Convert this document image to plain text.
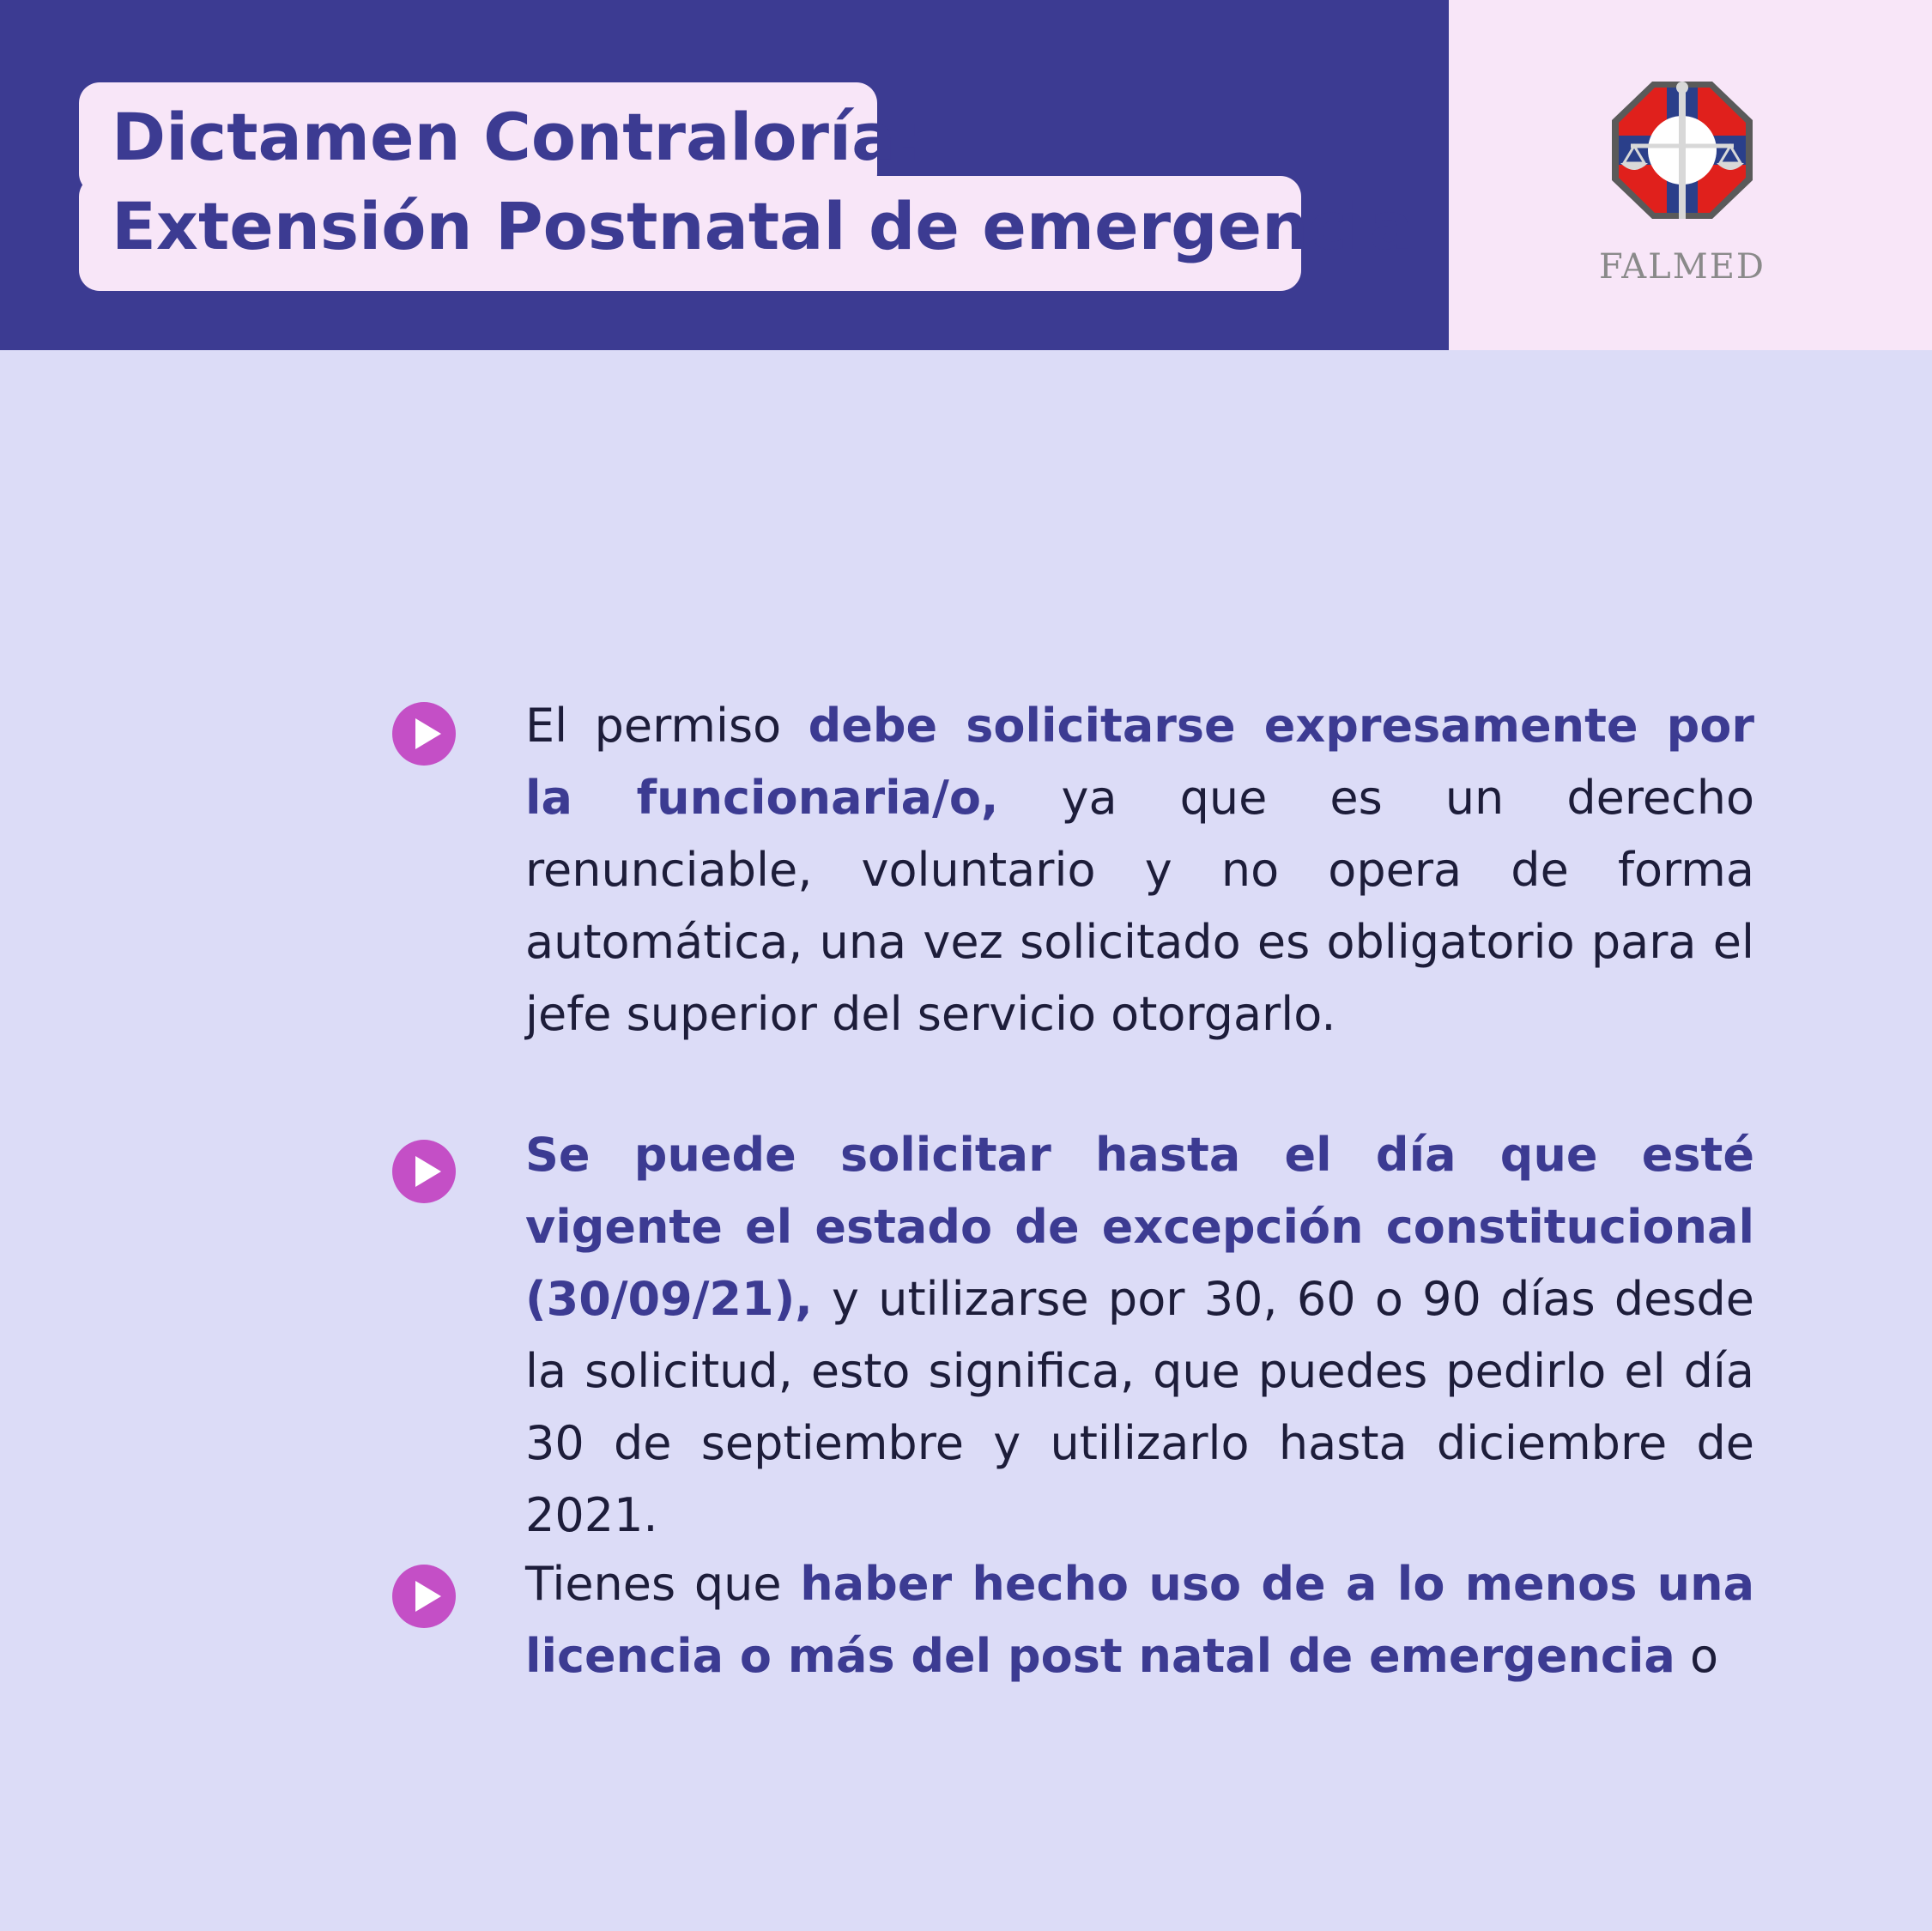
Dictamen Contraloría:
Extensión Postnatal de emergencia
FALMED

El permiso debe solicitarse expresamente por la funcionaria/o, ya que es un derecho renunciable, voluntario y no opera de forma automática, una vez solicitado es obligatorio para el jefe superior del servicio otorgarlo.

Se puede solicitar hasta el día que esté vigente el estado de excepción constitucional (30/09/21), y utilizarse por 30, 60 o 90 días desde la solicitud, esto significa, que puedes pedirlo el día 30 de septiembre y utilizarlo hasta diciembre de 2021.

Tienes que haber hecho uso de a lo menos una licencia o más del post natal de emergencia o
